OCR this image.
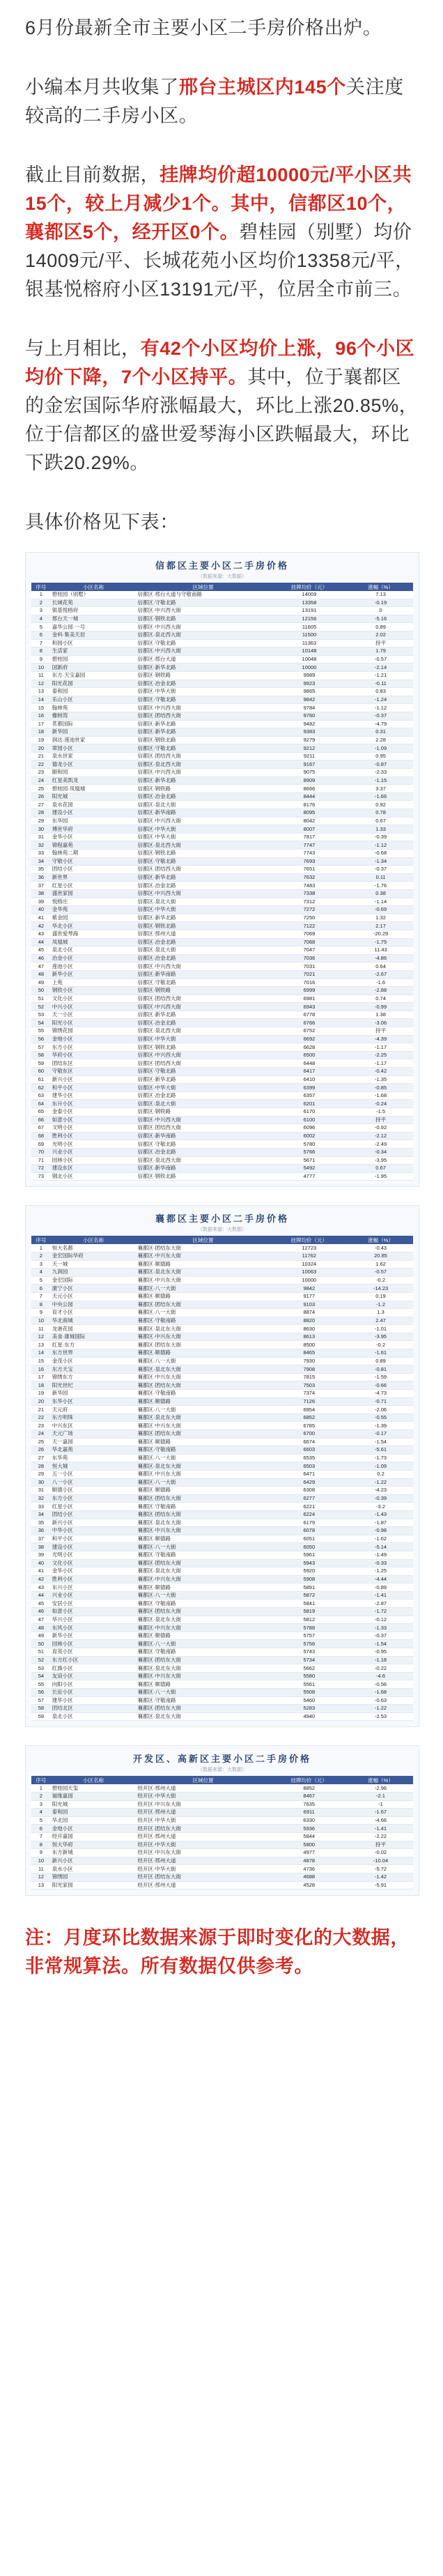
6月份最新全市主要小区二手房价格出炉。

小编本月共收集了邢台主城区内145个关注度较高的二手房小区。

截止目前数据，挂牌均价超10000元/平小区共15个，较上月减少1个。其中，信都区10个，襄都区5个，经开区0个。碧桂园（别墅）均价14009元/平、长城花苑小区均价13358元/平，银基悦榕府小区13191元/平，位居全市前三。

与上月相比，有42个小区均价上涨，96个小区均价下降，7个小区持平。其中，位于襄都区的金宏国际华府涨幅最大，环比上涨20.85%，位于信都区的盛世爱琴海小区跌幅最大，环比下跌20.29%。

具体价格见下表：

信都区主要小区二手房价格
（数据来源：大数据）
序号	小区名称	区域位置	挂牌均价（元）	涨幅（%）
1	碧桂园（别墅）	信都区·邢台大道与守敬南路	14009	7.13
2	长城花苑	信都区·守敬北路	13358	-0.19
3	银基悦榕府	信都区·中兴西大街	13191	0
4	邢台天一城	信都区·钢铁北路	12156	-5.16
5	嘉华公园·一号	信都区·中兴西大街	11605	0.89
6	金科·集美天辰	信都区·泉北西大街	11500	2.02
7	和园小区	信都区·守敬北路	11363	持平
8	生活家	信都区·中兴西大街	10148	1.79
9	碧桂园	信都区·邢台大道	10048	-0.57
10	国新府	信都区·新华北路	10000	-2.14
11	东方·天宝嘉园	信都区·钢铁路	9989	-1.21
12	阳光花园	信都区·冶金北路	9923	-0.11
13	泰和园	信都区·中华大街	9865	0.83
14	乐山小区	信都区·守敬北路	9842	-1.24
15	翰林苑	信都区·中兴西大街	9784	-1.12
16	橡树湾	信都区·团结西大街	9760	-0.37
17	茗都国际	信都区·新华北路	9482	-4.79
18	新华园	信都区·新华北路	9383	0.31
19	润达·莲池世家	信都区·钢铁北路	9279	2.28
20	翠园小区	信都区·守敬北路	9212	-1.09
21	泉水世家	信都区·团结西大街	9211	0.95
22	德龙小区	信都区·泉北西大街	9167	-0.87
23	颐和园	信都区·中兴西大街	9075	-2.33
24	红星美凯龙	信都区·新华北路	8909	-1.15
25	碧桂园·凤凰城	信都区·钢铁路	8666	3.37
26	阳光城	信都区·冶金北路	8444	-1.66
27	泉水花园	信都区·泉北大街	8176	0.92
28	建设小区	信都区·新华南路	8095	0.78
29	东华园	信都区·中兴西大街	8042	0.67
30	博世华府	信都区·中华大街	8007	1.33
31	金华小区	信都区·中华大街	7817	-0.39
32	锦程嘉苑	信都区·泉北西大街	7747	-1.12
33	翰林苑二期	信都区·钢铁北路	7743	-0.68
34	守敬小区	信都区·守敬北路	7693	-1.34
35	团结小区	信都区·团结西大街	7651	-0.37
36	新世界	信都区·新华北路	7632	0.11
37	红星小区	信都区·冶金北路	7483	-1.76
38	盛世家园	信都区·中兴西大街	7338	0.38
39	悦榕庄	信都区·泉北大街	7312	-1.14
40	金华苑	信都区·中华大街	7272	-0.69
41	紫金园	信都区·新华北路	7250	1.32
42	华北小区	信都区·钢铁北路	7122	2.17
43	盛世爱琴海	信都区·邢州大道	7069	-20.29
44	凤凰城	信都区·冶金北路	7068	-1.75
45	泉北小区	信都区·泉北大街	7047	11.43
46	冶金小区	信都区·冶金北路	7036	-4.86
47	莲池小区	信都区·中兴西大街	7031	0.64
48	新华小区	信都区·新华南路	7021	-2.67
49	上苑	信都区·守敬北路	7016	-1.6
50	钢铁小区	信都区·钢铁路	6999	-2.88
51	文化小区	信都区·团结西大街	6981	0.74
52	中兴小区	信都区·中兴西大街	6943	-0.99
53	天一小区	信都区·新华北路	6778	1.38
54	阳光小区	信都区·冶金北路	6766	-3.06
55	锦绣花园	信都区·泉北西大街	6752	持平
56	金地小区	信都区·中华大街	6692	-4.39
57	东方小区	信都区·钢铁北路	6628	-1.17
58	华府小区	信都区·中兴西大街	6500	-2.25
59	团结东区	信都区·团结西大街	6448	-1.17
60	守敬东区	信都区·守敬北路	6417	-0.42
61	新兴小区	信都区·新华北路	6410	-1.35
62	和平小区	信都区·中华大街	6399	-0.85
63	建华小区	信都区·冶金北路	6357	-1.68
64	东升小区	信都区·泉北大街	6201	-0.24
65	金泰小区	信都区·钢铁路	6170	-1.5
66	如意小区	信都区·中兴西大街	6100	持平
67	文明小区	信都区·团结西大街	6096	-0.92
68	胜利小区	信都区·新华南路	6002	-2.12
69	光明小区	信都区·守敬北路	5780	-2.49
70	兴业小区	信都区·冶金北路	5766	-0.34
71	园林小区	信都区·泉北西大街	5671	-3.95
72	建设东区	信都区·新华南路	5492	0.67
73	钢北小区	信都区·钢铁北路	4777	-1.95
襄都区主要小区二手房价格
（数据来源：大数据）
序号	小区名称	区域位置	挂牌均价（元）	涨幅（%）
1	恒大名都	襄都区·团结东大街	12723	-0.43
2	金宏国际华府	襄都区·中兴东大街	11762	20.85
3	天一城	襄都区·顺德路	10324	1.62
4	九润园	襄都区·泉北东大街	10063	-0.57
5	金宏国际	襄都区·中兴东大街	10000	-0.2
6	康宁小区	襄都区·八一大街	9842	-14.23
7	天元小区	襄都区·顺德路	9177	0.19
8	中央公园	襄都区·团结东大街	9103	-1.2
9	育才小区	襄都区·八一大街	8874	1.3
10	华北商城	襄都区·守敬南路	8820	2.47
11	龙港花园	襄都区·泉北东大街	8630	-1.01
12	美食·康城国际	襄都区·中兴东大街	8613	-3.95
13	红星·东方	襄都区·团结东大街	8500	-0.2
14	东方世界	襄都区·顺德路	8465	-1.61
15	金茂小区	襄都区·八一大街	7930	0.89
16	东方天宝	襄都区·泉北东大街	7908	-0.81
17	锦绣东方	襄都区·中兴东大街	7815	-1.59
18	阳光世纪	襄都区·团结东大街	7503	-0.66
19	新华园	襄都区·守敬南路	7374	-4.73
20	东华小区	襄都区·顺德路	7126	-0.71
21	天元府	襄都区·八一大街	6954	-2.06
22	东方明珠	襄都区·泉北东大街	6852	-0.55
23	中兴东区	襄都区·中兴东大街	6785	-1.39
24	天元广场	襄都区·团结东大街	6700	-0.17
25	天一嘉园	襄都区·顺德路	6674	-1.54
26	华北嘉苑	襄都区·守敬南路	6603	-5.61
27	东华苑	襄都区·八一大街	6535	-1.73
28	恒大城	襄都区·泉北东大街	6503	-1.09
29	五一小区	襄都区·中兴东大街	6471	0.2
30	八一小区	襄都区·八一大街	6429	-1.22
31	顺德小区	襄都区·顺德路	6308	-4.23
32	东方小区	襄都区·团结东大街	6277	-0.39
33	红星小区	襄都区·守敬南路	6221	-3.2
34	团结小区	襄都区·团结东大街	6224	-1.43
35	新兴小区	襄都区·泉北东大街	6179	-1.87
36	中华小区	襄都区·中兴东大街	6078	-0.98
37	和平小区	襄都区·顺德路	6051	-1.62
38	建设小区	襄都区·八一大街	6050	-5.14
39	光明小区	襄都区·守敬南路	5961	-1.49
40	文化小区	襄都区·团结东大街	5943	-0.33
41	金华小区	襄都区·泉北东大街	5920	-1.25
42	胜利小区	襄都区·中兴东大街	5908	-4.44
43	东兴小区	襄都区·顺德路	5891	-0.89
44	兴业小区	襄都区·八一大街	5872	-1.41
45	安居小区	襄都区·守敬南路	5841	-2.87
46	如意小区	襄都区·团结东大街	5819	-1.72
47	华兴小区	襄都区·泉北东大街	5812	-0.12
48	东风小区	襄都区·中兴东大街	5788	-1.33
49	新华小区	襄都区·顺德路	5757	-0.37
50	园林小区	襄都区·八一大街	5756	-1.54
51	育英小区	襄都区·守敬南路	5743	-0.95
52	东方红小区	襄都区·团结东大街	5734	-1.18
53	红旗小区	襄都区·泉北东大街	5662	-0.22
54	友谊小区	襄都区·中兴东大街	5580	-4.6
55	向阳小区	襄都区·顺德路	5561	-0.56
56	长征小区	襄都区·八一大街	5508	-1.68
57	建华小区	襄都区·守敬南路	5460	-0.63
58	团结北区	襄都区·团结东大街	5283	-1.22
59	泉北小区	襄都区·泉北东大街	4940	-2.53
开发区、高新区主要小区二手房价格
（数据来源：大数据）
序号	小区名称	区域位置	挂牌均价（元）	涨幅（%）
1	碧桂园天玺	经开区·邢州大道	8852	-2.96
2	福缘嘉园	经开区·中华大街	8467	-2.1
3	阳光城	经开区·中兴东大街	7635	-1
4	泰和园	经开区·邢州大道	6911	-1.67
5	华北园	经开区·中华大街	6330	-4.66
6	金地小区	经开区·团结东大街	5936	-1.41
7	经开嘉园	经开区·邢州大道	5844	-2.22
8	恒大华府	经开区·中华大街	5800	持平
9	东方新城	经开区·中兴东大街	4977	-0.02
10	新兴小区	经开区·邢州大道	4878	-10.04
11	泉水小区	经开区·中华大街	4736	-5.72
12	锦绣园	经开区·团结东大街	4688	-1.42
13	阳光家园	经开区·邢州大道	4528	-5.91

注：月度环比数据来源于即时变化的大数据，非常规算法。所有数据仅供参考。
